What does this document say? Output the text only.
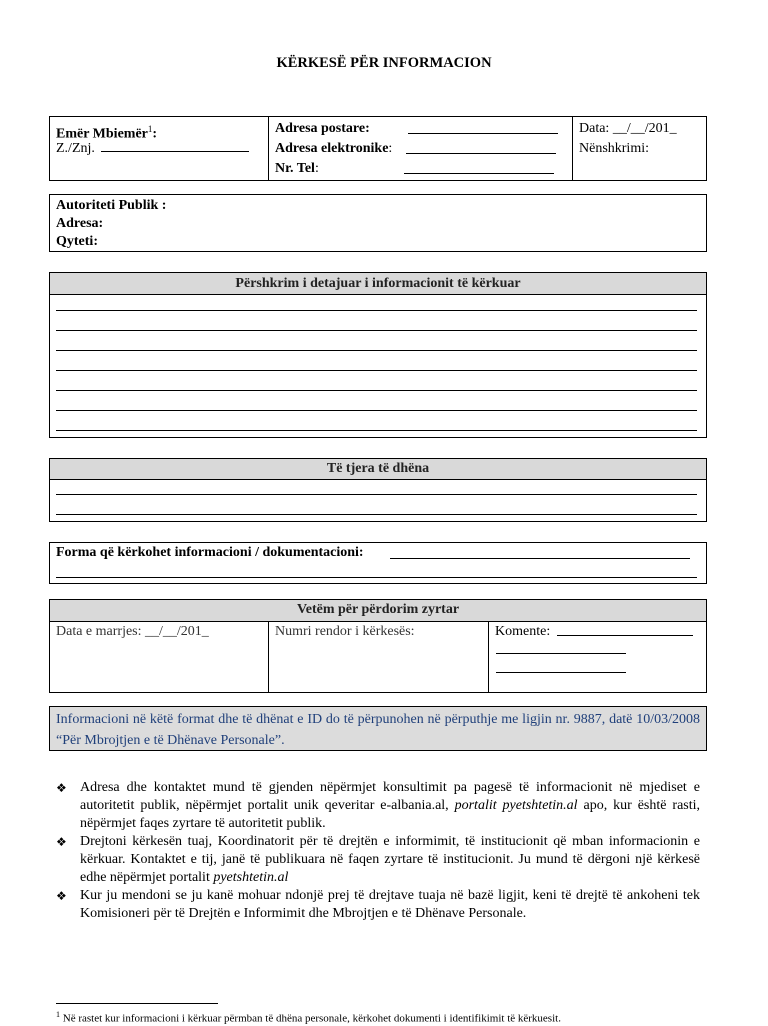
KËRKESË PËR INFORMACION
Emër Mbiemër$^1$:
Z./Znj.
Adresa postare:
Adresa elektronike:
Nr. Tel:
Data: __/__/201_
Nënshkrimi:
Autoriteti Publik :
Adresa:
Qyteti:
Përshkrim i detajuar i informacionit të kërkuar
Të tjera të dhëna
Forma që kërkohet informacioni / dokumentacioni:
Vetëm për përdorim zyrtar
Data e marrjes: __/__/201_	Numri rendor i kërkesës:	Komente:
Informacioni në këtë format dhe të dhënat e ID do të përpunohen në përputhje me ligjin nr. 9887, datë 10/03/2008 “Për Mbrojtjen e të Dhënave Personale”.
❖ Adresa dhe kontaktet mund të gjenden nëpërmjet konsultimit pa pagesë të informacionit në mjediset e autoritetit publik, nëpërmjet portalit unik qeveritar e-albania.al, portalit pyetshtetin.al apo, kur është rasti, nëpërmjet faqes zyrtare të autoritetit publik.
❖ Drejtoni kërkesën tuaj, Koordinatorit për të drejtën e informimit, të institucionit që mban informacionin e kërkuar. Kontaktet e tij, janë të publikuara në faqen zyrtare të institucionit. Ju mund të dërgoni një kërkesë edhe nëpërmjet portalit pyetshtetin.al
❖ Kur ju mendoni se ju kanë mohuar ndonjë prej të drejtave tuaja në bazë ligjit, keni të drejtë të ankoheni tek Komisioneri për të Drejtën e Informimit dhe Mbrojtjen e të Dhënave Personale.
$^1$ Në rastet kur informacioni i kërkuar përmban të dhëna personale, kërkohet dokumenti i identifikimit të kërkuesit.
